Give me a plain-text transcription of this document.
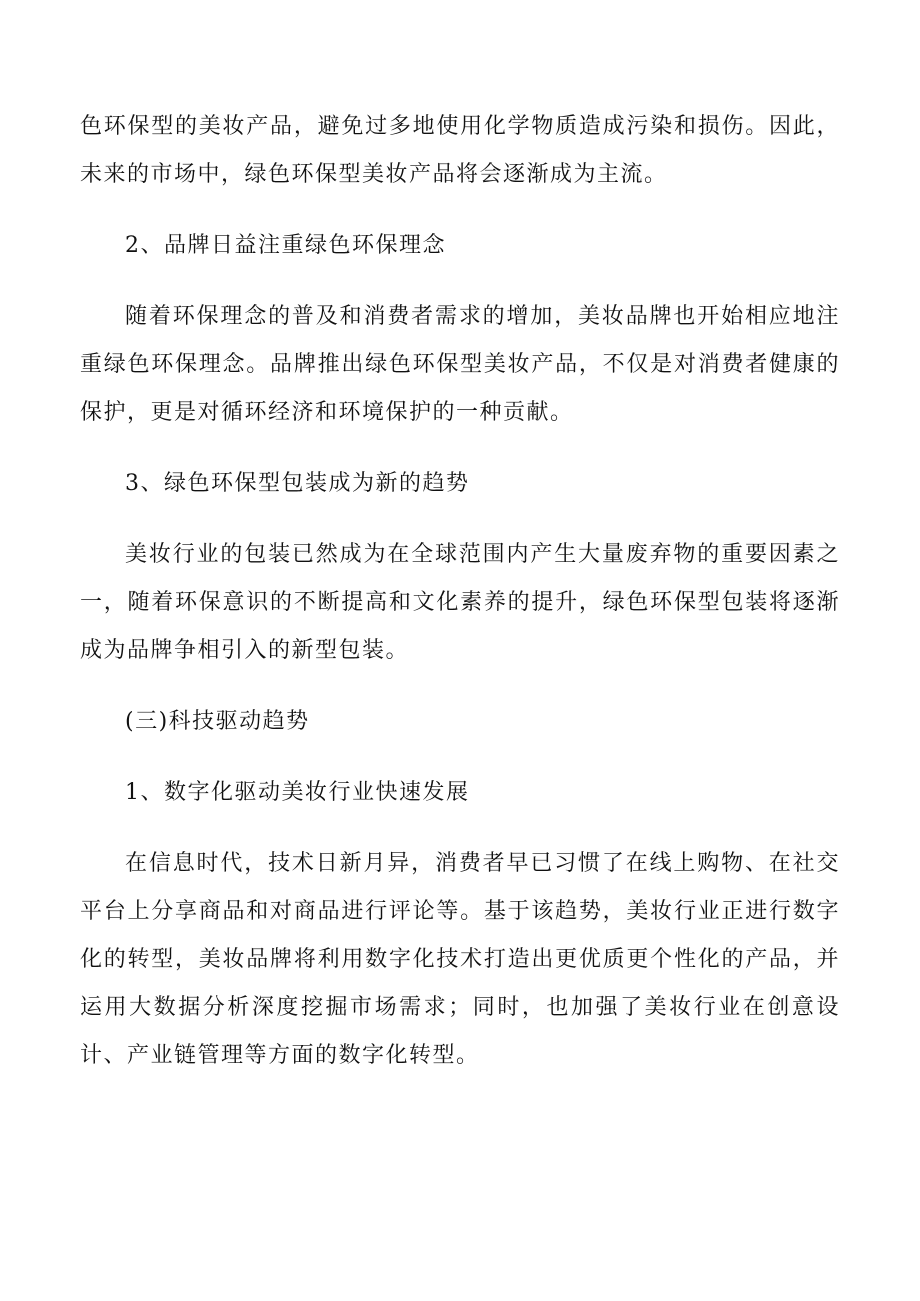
色环保型的美妆产品，避免过多地使用化学物质造成污染和损伤。因此，未来的市场中，绿色环保型美妆产品将会逐渐成为主流。

2、品牌日益注重绿色环保理念

随着环保理念的普及和消费者需求的增加，美妆品牌也开始相应地注重绿色环保理念。品牌推出绿色环保型美妆产品，不仅是对消费者健康的保护，更是对循环经济和环境保护的一种贡献。

3、绿色环保型包装成为新的趋势

美妆行业的包装已然成为在全球范围内产生大量废弃物的重要因素之一，随着环保意识的不断提高和文化素养的提升，绿色环保型包装将逐渐成为品牌争相引入的新型包装。

(三)科技驱动趋势

1、数字化驱动美妆行业快速发展

在信息时代，技术日新月异，消费者早已习惯了在线上购物、在社交平台上分享商品和对商品进行评论等。基于该趋势，美妆行业正进行数字化的转型，美妆品牌将利用数字化技术打造出更优质更个性化的产品，并运用大数据分析深度挖掘市场需求；同时，也加强了美妆行业在创意设计、产业链管理等方面的数字化转型。
